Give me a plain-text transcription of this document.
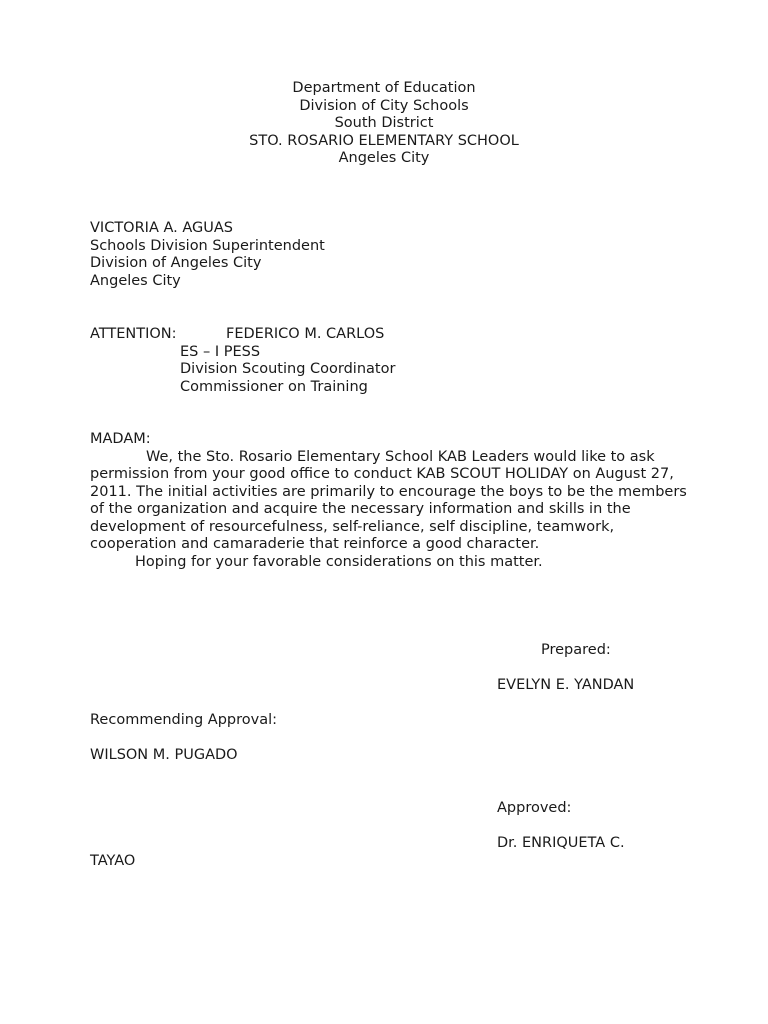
Department of Education
Division of City Schools
South District
STO. ROSARIO ELEMENTARY SCHOOL
Angeles City
VICTORIA A. AGUAS
Schools Division Superintendent
Division of Angeles City
Angeles City
ATTENTION:	FEDERICO M. CARLOS
ES – I PESS
Division Scouting Coordinator
Commissioner on Training

MADAM:

We, the Sto. Rosario Elementary School KAB Leaders would like to ask permission from your good office to conduct KAB SCOUT HOLIDAY on August 27, 2011. The initial activities are primarily to encourage the boys to be the members of the organization and acquire the necessary information and skills in the development of resourcefulness, self-reliance, self discipline, teamwork, cooperation and camaraderie that reinforce a good character.

Hoping for your favorable considerations on this matter.

Prepared:
EVELYN E. YANDAN
Recommending Approval:
WILSON M. PUGADO
Approved:
Dr. ENRIQUETA C.
TAYAO
